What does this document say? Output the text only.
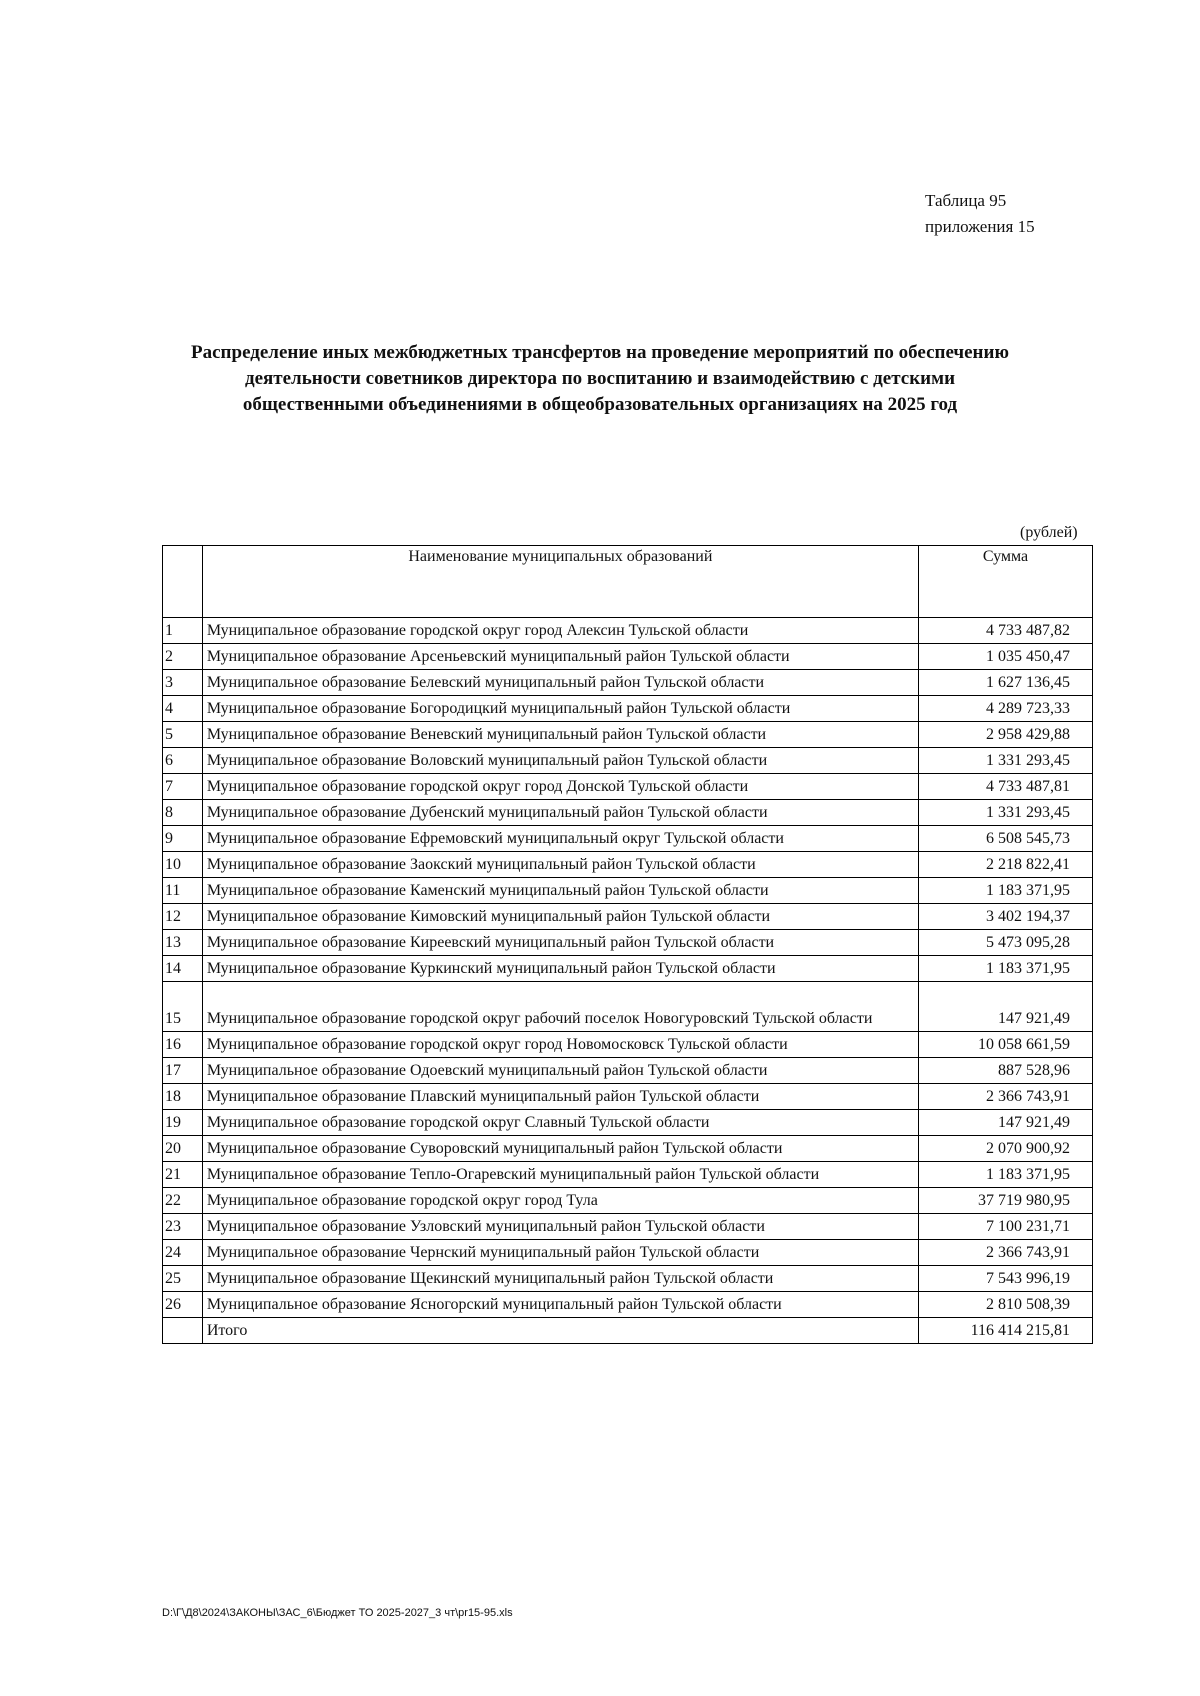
Таблица 95
приложения 15
Распределение иных межбюджетных трансфертов на проведение мероприятий по обеспечению
деятельности советников директора по воспитанию и взаимодействию с детскими
общественными объединениями в общеобразовательных организациях на 2025 год
(рублей)
	Наименование муниципальных образований	Сумма
1	Муниципальное образование городской округ город Алексин Тульской области	4 733 487,82
2	Муниципальное образование Арсеньевский муниципальный район Тульской области	1 035 450,47
3	Муниципальное образование Белевский муниципальный район Тульской области	1 627 136,45
4	Муниципальное образование Богородицкий муниципальный район Тульской области	4 289 723,33
5	Муниципальное образование Веневский муниципальный район Тульской области	2 958 429,88
6	Муниципальное образование Воловский муниципальный район Тульской области	1 331 293,45
7	Муниципальное образование городской округ город Донской Тульской области	4 733 487,81
8	Муниципальное образование Дубенский муниципальный район Тульской области	1 331 293,45
9	Муниципальное образование Ефремовский муниципальный округ Тульской области	6 508 545,73
10	Муниципальное образование Заокский муниципальный район Тульской области	2 218 822,41
11	Муниципальное образование Каменский муниципальный район Тульской области	1 183 371,95
12	Муниципальное образование Кимовский муниципальный район Тульской области	3 402 194,37
13	Муниципальное образование Киреевский муниципальный район Тульской области	5 473 095,28
14	Муниципальное образование Куркинский муниципальный район Тульской области	1 183 371,95
15	Муниципальное образование городской округ рабочий поселок Новогуровский Тульской области	147 921,49
16	Муниципальное образование городской округ город Новомосковск Тульской области	10 058 661,59
17	Муниципальное образование Одоевский муниципальный район Тульской области	887 528,96
18	Муниципальное образование Плавский муниципальный район Тульской области	2 366 743,91
19	Муниципальное образование городской округ Славный Тульской области	147 921,49
20	Муниципальное образование Суворовский муниципальный район Тульской области	2 070 900,92
21	Муниципальное образование Тепло-Огаревский муниципальный район Тульской области	1 183 371,95
22	Муниципальное образование городской округ город Тула	37 719 980,95
23	Муниципальное образование Узловский муниципальный район Тульской области	7 100 231,71
24	Муниципальное образование Чернский муниципальный район Тульской области	2 366 743,91
25	Муниципальное образование Щекинский муниципальный район Тульской области	7 543 996,19
26	Муниципальное образование Ясногорский муниципальный район Тульской области	2 810 508,39
	Итого	116 414 215,81
D:\Г\Д8\2024\ЗАКОНЫ\ЗАС_6\Бюджет ТО 2025-2027_3 чт\pr15-95.xls
